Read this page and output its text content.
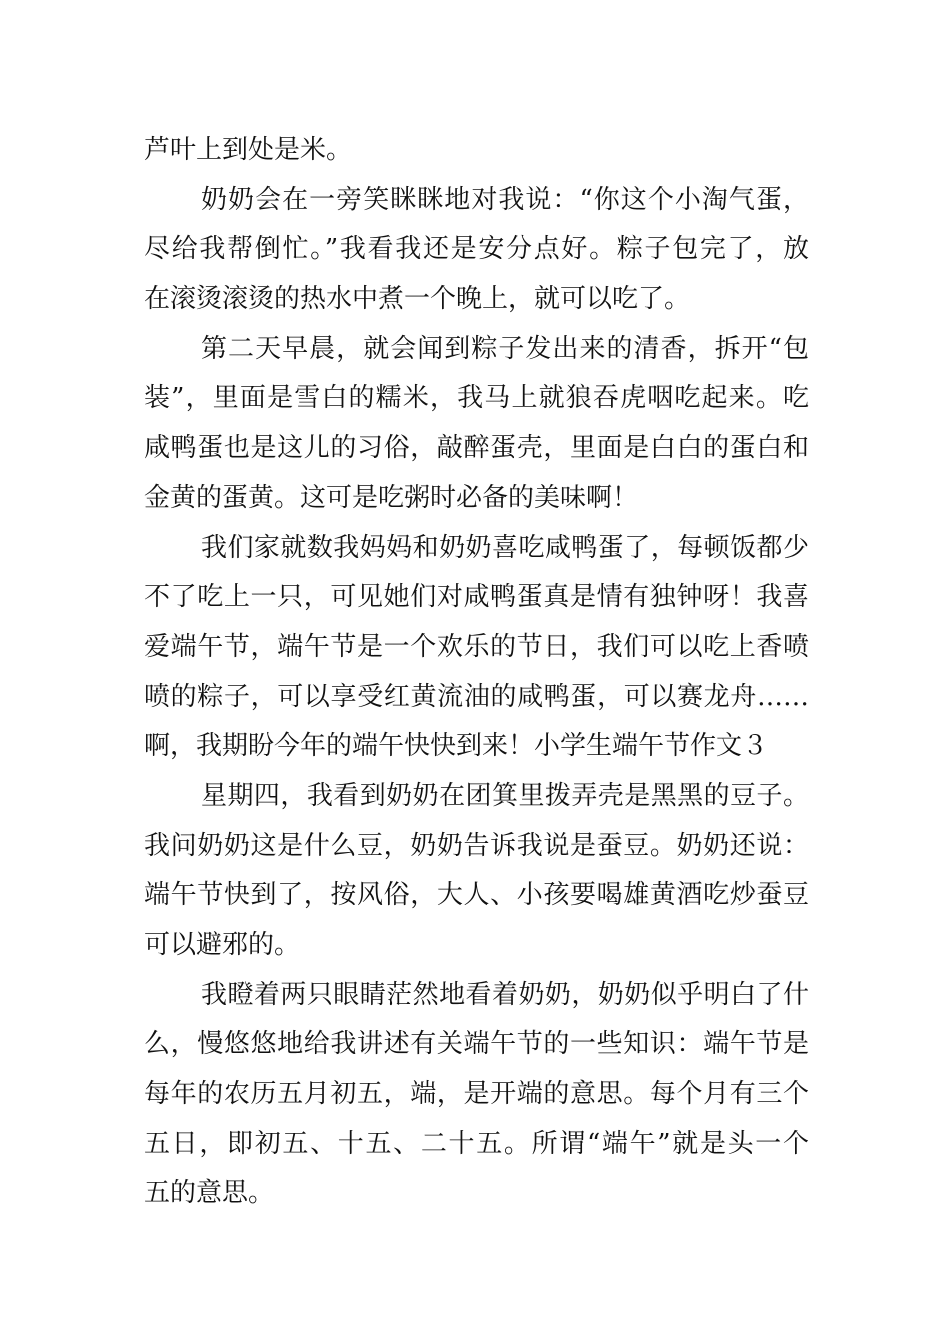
芦叶上到处是米。
奶奶会在一旁笑眯眯地对我说：“你这个小淘气蛋，
尽给我帮倒忙。”我看我还是安分点好。粽子包完了，放
在滚烫滚烫的热水中煮一个晚上，就可以吃了。
第二天早晨，就会闻到粽子发出来的清香，拆开“包
装”，里面是雪白的糯米，我马上就狼吞虎咽吃起来。吃
咸鸭蛋也是这儿的习俗，敲醉蛋壳，里面是白白的蛋白和
金黄的蛋黄。这可是吃粥时必备的美味啊！
我们家就数我妈妈和奶奶喜吃咸鸭蛋了，每顿饭都少
不了吃上一只，可见她们对咸鸭蛋真是情有独钟呀！我喜
爱端午节，端午节是一个欢乐的节日，我们可以吃上香喷
喷的粽子，可以享受红黄流油的咸鸭蛋，可以赛龙舟……
啊，我期盼今年的端午快快到来！小学生端午节作文３
星期四，我看到奶奶在团箕里拨弄壳是黑黑的豆子。
我问奶奶这是什么豆，奶奶告诉我说是蚕豆。奶奶还说：
端午节快到了，按风俗，大人、小孩要喝雄黄酒吃炒蚕豆
可以避邪的。
我瞪着两只眼睛茫然地看着奶奶，奶奶似乎明白了什
么，慢悠悠地给我讲述有关端午节的一些知识：端午节是
每年的农历五月初五，端，是开端的意思。每个月有三个
五日，即初五、十五、二十五。所谓“端午”就是头一个
五的意思。
